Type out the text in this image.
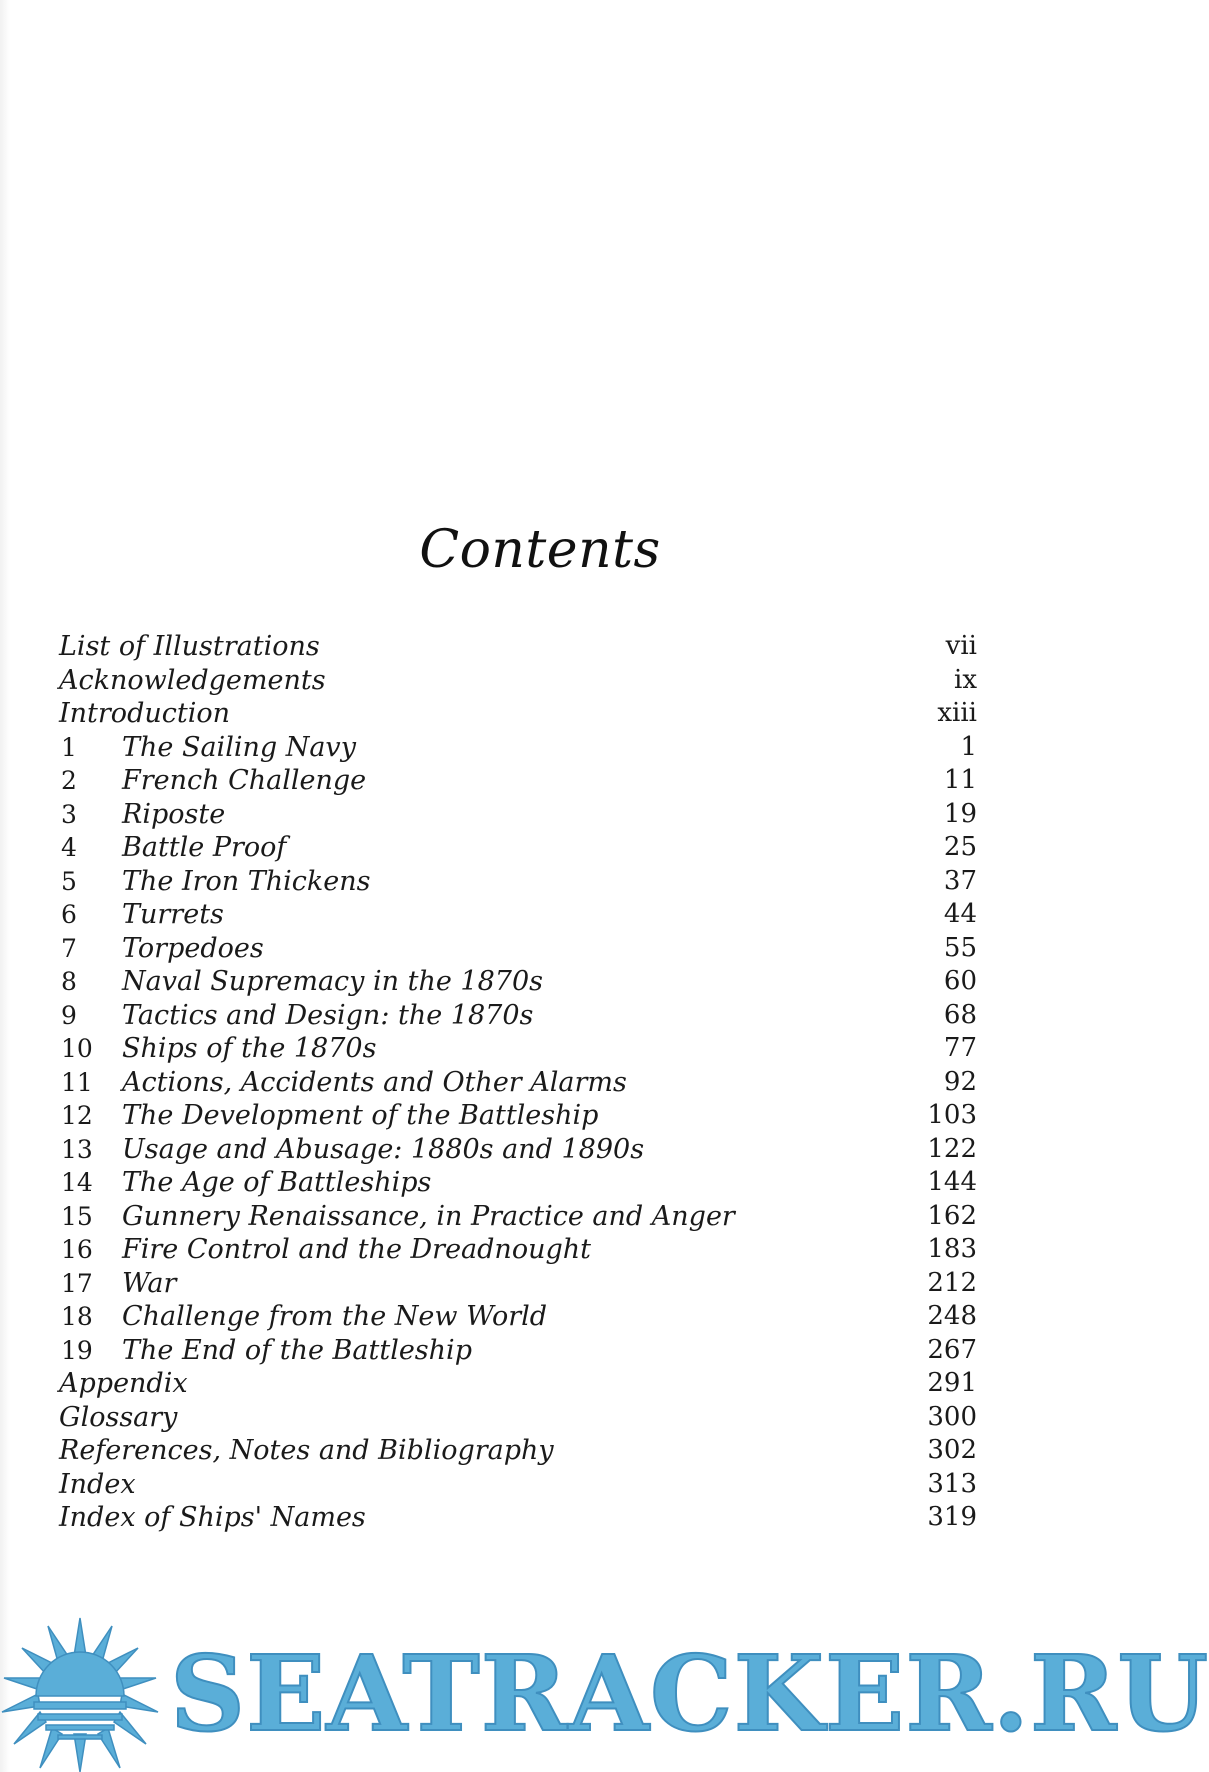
Contents
List of Illustrations	vii
Acknowledgements	ix
Introduction	xiii
1 The Sailing Navy	1
2 French Challenge	11
3 Riposte	19
4 Battle Proof	25
5 The Iron Thickens	37
6 Turrets	44
7 Torpedoes	55
8 Naval Supremacy in the 1870s	60
9 Tactics and Design: the 1870s	68
10 Ships of the 1870s	77
11 Actions, Accidents and Other Alarms	92
12 The Development of the Battleship	103
13 Usage and Abusage: 1880s and 1890s	122
14 The Age of Battleships	144
15 Gunnery Renaissance, in Practice and Anger	162
16 Fire Control and the Dreadnought	183
17 War	212
18 Challenge from the New World	248
19 The End of the Battleship	267
Appendix	291
Glossary	300
References, Notes and Bibliography	302
Index	313
Index of Ships' Names	319
SEATRACKER.RU
